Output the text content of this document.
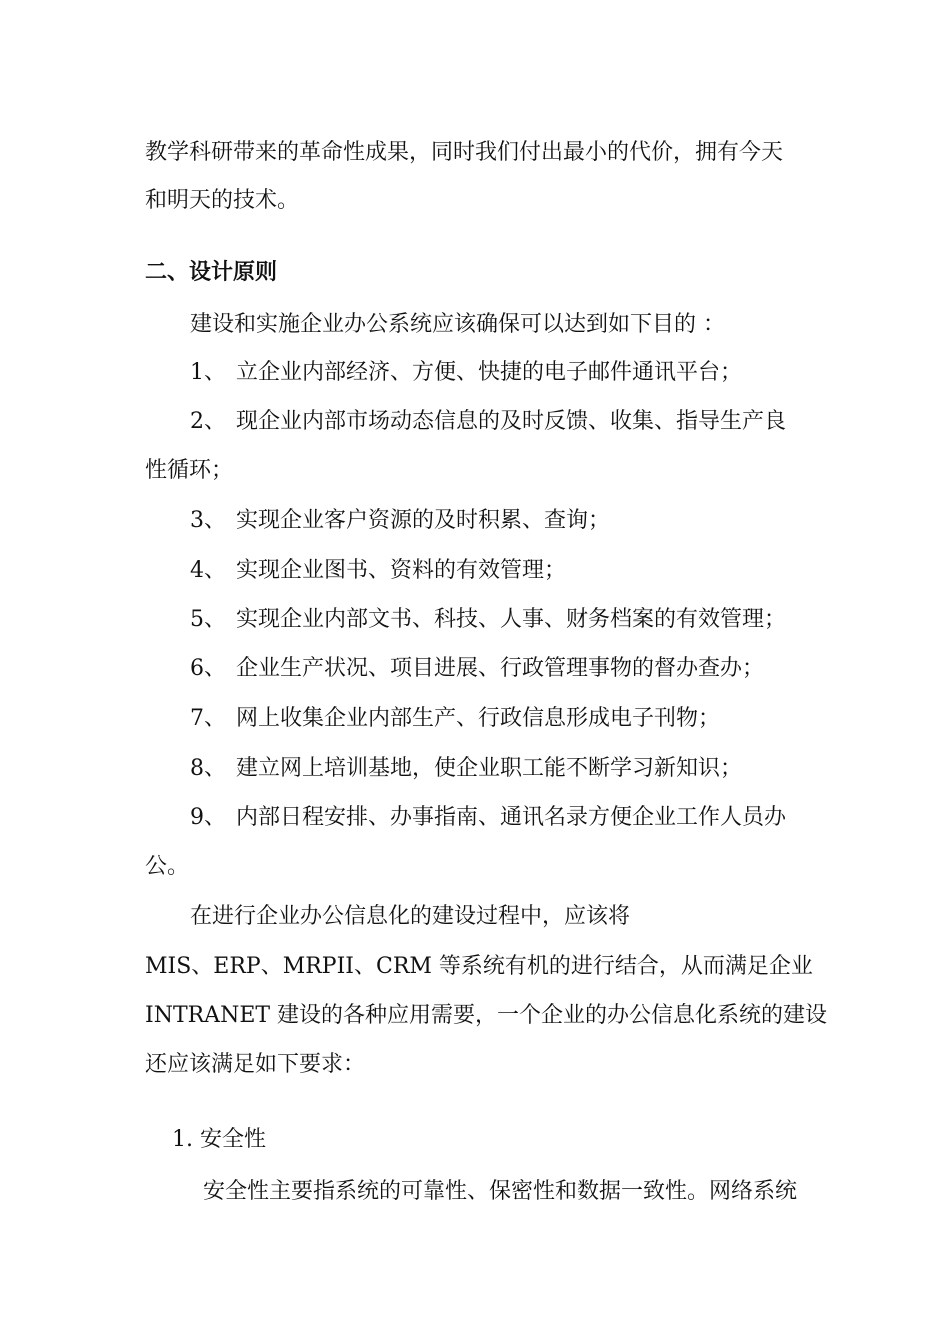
教学科研带来的革命性成果，同时我们付出最小的代价，拥有今天

和明天的技术。

二、设计原则

建设和实施企业办公系统应该确保可以达到如下目的 ：

1、 立企业内部经济、方便、快捷的电子邮件通讯平台；

2、 现企业内部市场动态信息的及时反馈、收集、指导生产良

性循环；

3、 实现企业客户资源的及时积累、查询；

4、 实现企业图书、资料的有效管理；

5、 实现企业内部文书、科技、人事、财务档案的有效管理；

6、 企业生产状况、项目进展、行政管理事物的督办查办；

7、 网上收集企业内部生产、行政信息形成电子刊物；

8、 建立网上培训基地，使企业职工能不断学习新知识；

9、 内部日程安排、办事指南、通讯名录方便企业工作人员办

公。

在进行企业办公信息化的建设过程中，应该将

MIS、ERP、MRPII、CRM 等系统有机的进行结合，从而满足企业

INTRANET 建设的各种应用需要，一个企业的办公信息化系统的建设

还应该满足如下要求：

1. 安全性

安全性主要指系统的可靠性、保密性和数据一致性。网络系统
